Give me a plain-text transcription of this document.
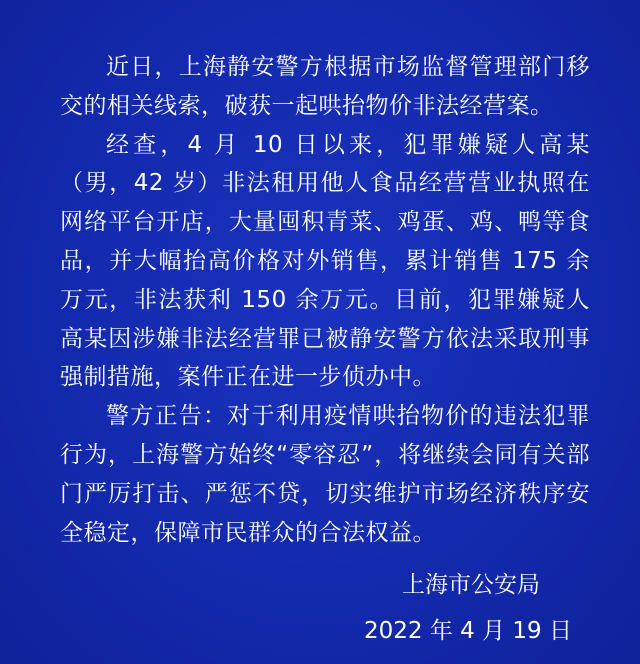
近日，上海静安警方根据市场监督管理部门移交的相关线索，破获一起哄抬物价非法经营案。

经查，4 月 10 日以来，犯罪嫌疑人高某（男，42 岁）非法租用他人食品经营营业执照在网络平台开店，大量囤积青菜、鸡蛋、鸡、鸭等食品，并大幅抬高价格对外销售，累计销售 175 余万元，非法获利 150 余万元。目前，犯罪嫌疑人高某因涉嫌非法经营罪已被静安警方依法采取刑事强制措施，案件正在进一步侦办中。

警方正告：对于利用疫情哄抬物价的违法犯罪行为，上海警方始终“零容忍”，将继续会同有关部门严厉打击、严惩不贷，切实维护市场经济秩序安全稳定，保障市民群众的合法权益。

上海市公安局
2022 年 4 月 19 日
